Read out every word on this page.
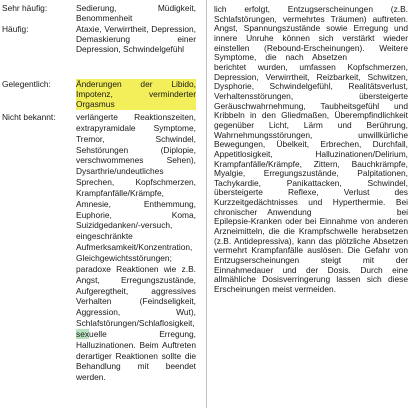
Sehr häufig:	Sedierung, Müdigkeit, Benommenheit
Häufig:	Ataxie, Verwirrtheit, Depression, Demaskierung einer Depression, Schwindelgefühl
Gelegentlich:	Änderungen der Libido, Impotenz, verminderter Orgasmus
Nicht bekannt: verlängerte Reaktionszeiten, extrapyramidale Symptome, Tremor, Schwindel, Sehstörungen (Diplopie, verschwommenes Sehen), Dysarthrie/undeutliches Sprechen, Kopfschmerzen, Krampfanfälle/Krämpfe, Amnesie, Enthemmung, Euphorie, Koma, Suizidgedanken/-versuch, eingeschränkte Aufmerksamkeit/Konzentration, Gleichgewichtsstörungen; paradoxe Reaktionen wie z.B. Angst, Erregungszustände, Aufgeregtheit, aggressives Verhalten (Feindseligkeit, Aggression, Wut), Schlafstörungen/Schlaflosigkeit, sexuelle Erregung, Halluzinationen. Beim Auftreten derartiger Reaktionen sollte die Behandlung mit beendet werden.
lich erfolgt, Entzugserscheinungen (z.B. Schlafstörungen, vermehrtes Träumen) auftreten. Angst, Spannungszustände sowie Erregung und innere Unruhe können sich verstärkt wieder einstellen (Rebound-Erscheinungen). Weitere Symptome, die nach Absetzen  berichtet wurden, umfassen Kopfschmerzen, Depression, Verwirrtheit, Reizbarkeit, Schwitzen, Dysphorie, Schwindelgefühl, Realitätsverlust, Verhaltensstörungen, übersteigerte Geräuschwahrnehmung, Taubheitsgefühl und Kribbeln in den Gliedmaßen, Überempfindlichkeit gegenüber Licht, Lärm und Berührung, Wahrnehmungsstörungen, unwillkürliche Bewegungen, Übelkeit, Erbrechen, Durchfall, Appetitlosigkeit, Halluzinationen/Delirium, Krampfanfälle/Krämpfe, Zittern, Bauchkrämpfe, Myalgie, Erregungszustände, Palpitationen, Tachykardie, Panikattacken, Schwindel, übersteigerte Reflexe, Verlust des Kurzzeitgedächtnisses und Hyperthermie. Bei chronischer Anwendung	bei Epilepsie-Kranken oder bei Einnahme von anderen Arzneimitteln, die die Krampfschwelle herabsetzen (z.B. Antidepressiva), kann das plötzliche Absetzen vermehrt Krampfanfälle auslösen. Die Gefahr von Entzugserscheinungen steigt mit der Einnahmedauer und der Dosis. Durch eine allmähliche Dosisverringerung lassen sich diese Erscheinungen meist vermeiden.
